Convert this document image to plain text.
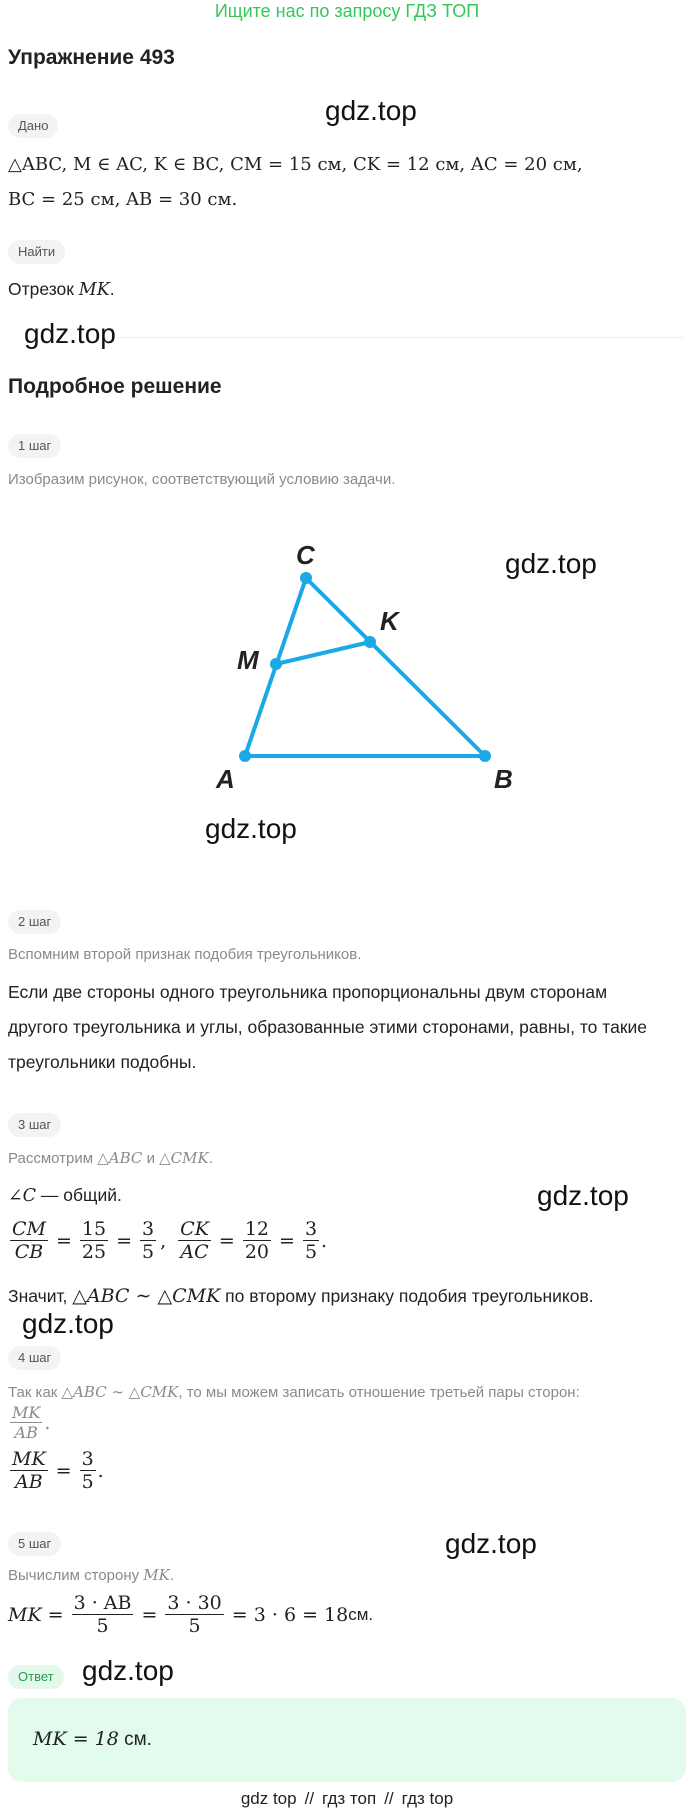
Ищите нас по запросу ГДЗ ТОП
Упражнение 493
Дано	gdz.top
△ABC, M ∈ AC, K ∈ BC, CM = 15 см, CK = 12 см, AC = 20 см,
BC = 25 см, AB = 30 см.
Найти
Отрезок MK.
gdz.top
Подробное решение
1 шаг
Изобразим рисунок, соответствующий условию задачи.
A	B
C
M
K
gdz.top
gdz.top
2 шаг
Вспомним второй признак подобия треугольников.
Если две стороны одного треугольника пропорциональны двум сторонам
другого треугольника и углы, образованные этими сторонами, равны, то такие
треугольники подобны.
3 шаг
Рассмотрим △ABC и △CMK.
∠C — общий.	gdz.top
$\frac{CM}{CB} = \frac{15}{25} = \frac{3}{5}$ , $\frac{CK}{AC} = \frac{12}{20} = \frac{3}{5}$ .
Значит, △ABC ∼ △CMK по второму признаку подобия треугольников.
gdz.top
4 шаг
Так как △ABC ∼ △CMK, то мы можем записать отношение третьей пары сторон:
$\frac{MK}{AB}$ .
$\frac{MK}{AB} = \frac{3}{5}$ .
5 шаг	gdz.top
Вычислим сторону MK.
MK = $\frac{3 \cdot AB}{5} = \frac{3 \cdot 30}{5} = 3 \cdot 6 = 18$ см.
Ответ	gdz.top
MK = 18 см.
gdz top // гдз топ // гдз top
